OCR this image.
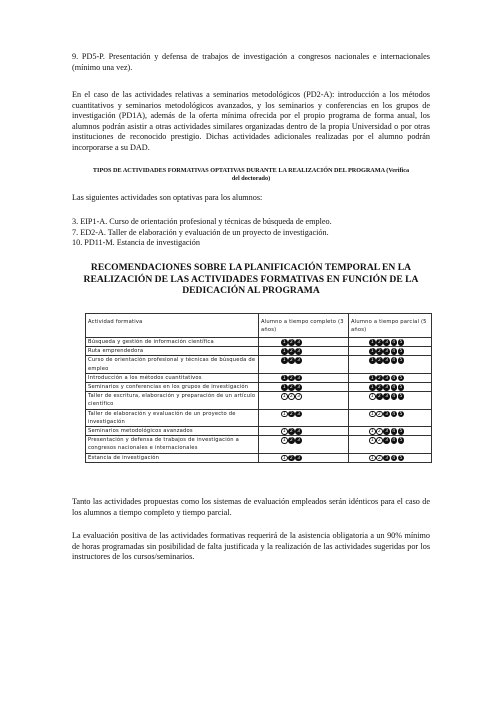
9. PD5-P. Presentación y defensa de trabajos de investigación a congresos nacionales e internacionales (mínimo una vez).

En el caso de las actividades relativas a seminarios metodológicos (PD2-A): introducción a los métodos cuantitativos y seminarios metodológicos avanzados, y los seminarios y conferencias en los grupos de investigación (PD1A), además de la oferta mínima ofrecida por el propio programa de forma anual, los alumnos podrán asistir a otras actividades similares organizadas dentro de la propia Universidad o por otras instituciones de reconocido prestigio. Dichas actividades adicionales realizadas por el alumno podrán incorporarse a su DAD.

TIPOS DE ACTIVIDADES FORMATIVAS OPTATIVAS DURANTE LA REALIZACIÓN DEL PROGRAMA (Verifica del doctorado)

Las siguientes actividades son optativas para los alumnos:

3. EIP1-A. Curso de orientación profesional y técnicas de búsqueda de empleo.
7. ED2-A. Taller de elaboración y evaluación de un proyecto de investigación.
10. PD11-M. Estancia de investigación

RECOMENDACIONES SOBRE LA PLANIFICACIÓN TEMPORAL EN LA REALIZACIÓN DE LAS ACTIVIDADES FORMATIVAS EN FUNCIÓN DE LA DEDICACIÓN AL PROGRAMA

Actividad formativa	Alumno a tiempo completo (3 años)	Alumno a tiempo parcial (5 años)
Búsqueda y gestión de información científica	1 2 3	1 2 3 4 5

Ruta emprendedora	1 2 3	1 2 3 4 5

Curso de orientación profesional y técnicas de búsqueda de empleo	1 2 3	1 2 3 4 5

Introducción a los métodos cuantitativos	1 2 3	1 2 3 4 5

Seminarios y conferencias en los grupos de investigación	1 2 3	1 2 3 4 5

Taller de escritura, elaboración y preparación de un artículo científico	1 2 3	1 2 3 4 5

Taller de elaboración y evaluación de un proyecto de investigación	1 2 3	1 2 3 4 5

Seminarios metodológicos avanzados	1 2 3	1 2 3 4 5

Presentación y defensa de trabajos de investigación a congresos nacionales e internacionales	1 2 3	1 2 3 4 5

Estancia de investigación	1 2 3	1 2 3 4 5

Tanto las actividades propuestas como los sistemas de evaluación empleados serán idénticos para el caso de los alumnos a tiempo completo y tiempo parcial.

La evaluación positiva de las actividades formativas requerirá de la asistencia obligatoria a un 90% mínimo de horas programadas sin posibilidad de falta justificada y la realización de las actividades sugeridas por los instructores de los cursos/seminarios.
